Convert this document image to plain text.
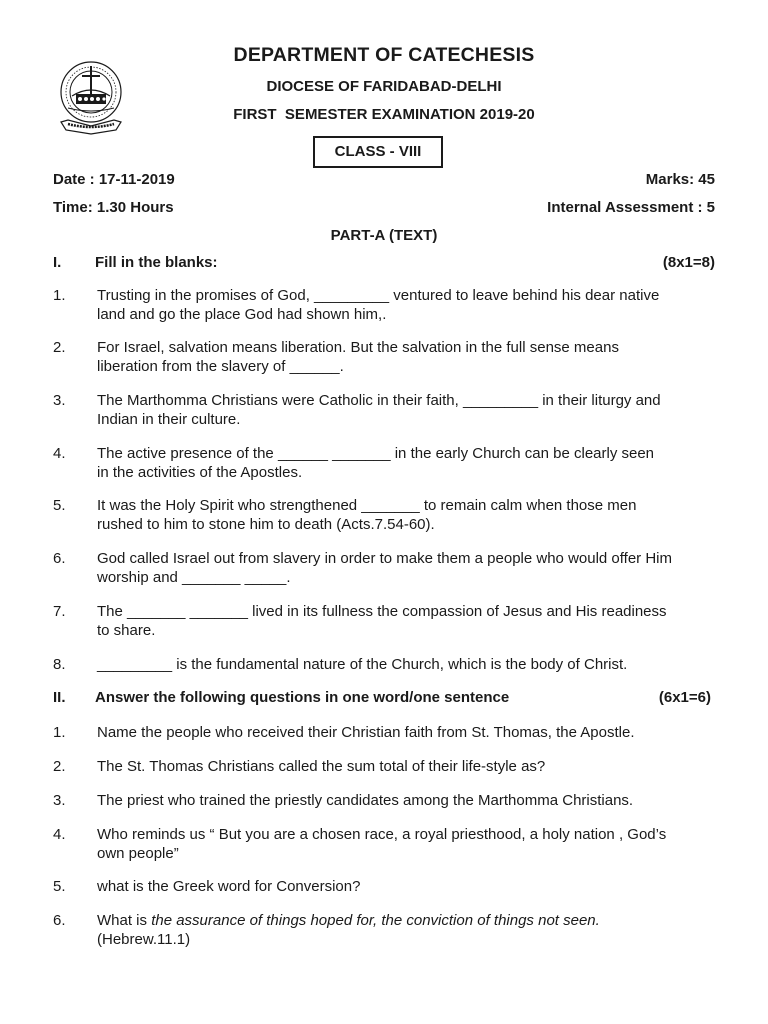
DEPARTMENT OF CATECHESIS
DIOCESE OF FARIDABAD-DELHI
FIRST  SEMESTER EXAMINATION 2019-20
CLASS - VIII
Date : 17-11-2019	Marks: 45
Time: 1.30 Hours	Internal Assessment : 5
PART-A (TEXT)
I. Fill in the blanks:	(8x1=8)
1.	Trusting in the promises of God, _________ ventured to leave behind his dear native
land and go the place God had shown him,.
2.	For Israel, salvation means liberation. But the salvation in the full sense means
liberation from the slavery of ______.
3.	The Marthomma Christians were Catholic in their faith, _________ in their liturgy and
Indian in their culture.
4.	The active presence of the ______ _______ in the early Church can be clearly seen
in the activities of the Apostles.
5.	It was the Holy Spirit who strengthened _______ to remain calm when those men
rushed to him to stone him to death (Acts.7.54-60).
6.	God called Israel out from slavery in order to make them a people who would offer Him
worship and _______ _____.
7.	The _______ _______ lived in its fullness the compassion of Jesus and His readiness
to share.
8.	_________ is the fundamental nature of the Church, which is the body of Christ.
II. Answer the following questions in one word/one sentence	(6x1=6)
1.	Name the people who received their Christian faith from St. Thomas, the Apostle.
2.	The St. Thomas Christians called the sum total of their life-style as?
3.	The priest who trained the priestly candidates among the Marthomma Christians.
4.	Who reminds us “ But you are a chosen race, a royal priesthood, a holy nation , God’s
own people”
5.	what is the Greek word for Conversion?
6.	What is the assurance of things hoped for, the conviction of things not seen.
(Hebrew.11.1)
